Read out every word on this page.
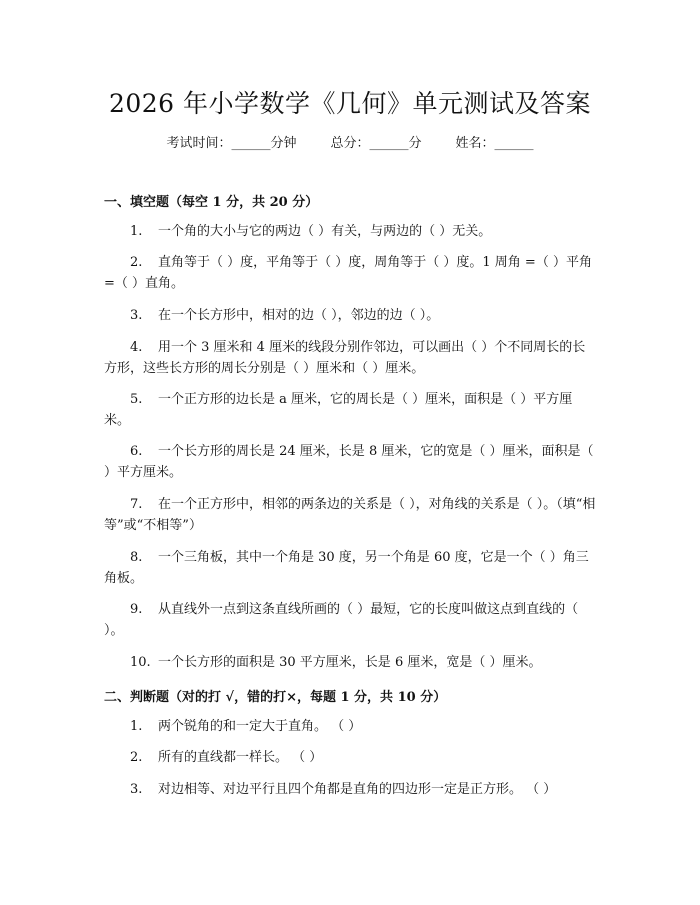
2026 年小学数学《几何》单元测试及答案
考试时间：______分钟	总分：______分	姓名：______
一、填空题（每空 1 分，共 20 分）
1. 一个角的大小与它的两边（ ）有关，与两边的（ ）无关。
2. 直角等于（ ）度，平角等于（ ）度，周角等于（ ）度。1 周角 =（ ）平角 =（ ）直角。
3. 在一个长方形中，相对的边（ ），邻边的边（ ）。
4. 用一个 3 厘米和 4 厘米的线段分别作邻边，可以画出（ ）个不同周长的长方形，这些长方形的周长分别是（ ）厘米和（ ）厘米。
5. 一个正方形的边长是 a 厘米，它的周长是（ ）厘米，面积是（ ）平方厘米。
6. 一个长方形的周长是 24 厘米，长是 8 厘米，它的宽是（ ）厘米，面积是（ ）平方厘米。
7. 在一个正方形中，相邻的两条边的关系是（ ），对角线的关系是（ ）。（填“相等”或“不相等”）
8. 一个三角板，其中一个角是 30 度，另一个角是 60 度，它是一个（ ）角三角板。
9. 从直线外一点到这条直线所画的（ ）最短，它的长度叫做这点到直线的（ ）。
10. 一个长方形的面积是 30 平方厘米，长是 6 厘米，宽是（ ）厘米。
二、判断题（对的打 √，错的打×，每题 1 分，共 10 分）
1. 两个锐角的和一定大于直角。 （ ）
2. 所有的直线都一样长。 （ ）
3. 对边相等、对边平行且四个角都是直角的四边形一定是正方形。 （ ）
